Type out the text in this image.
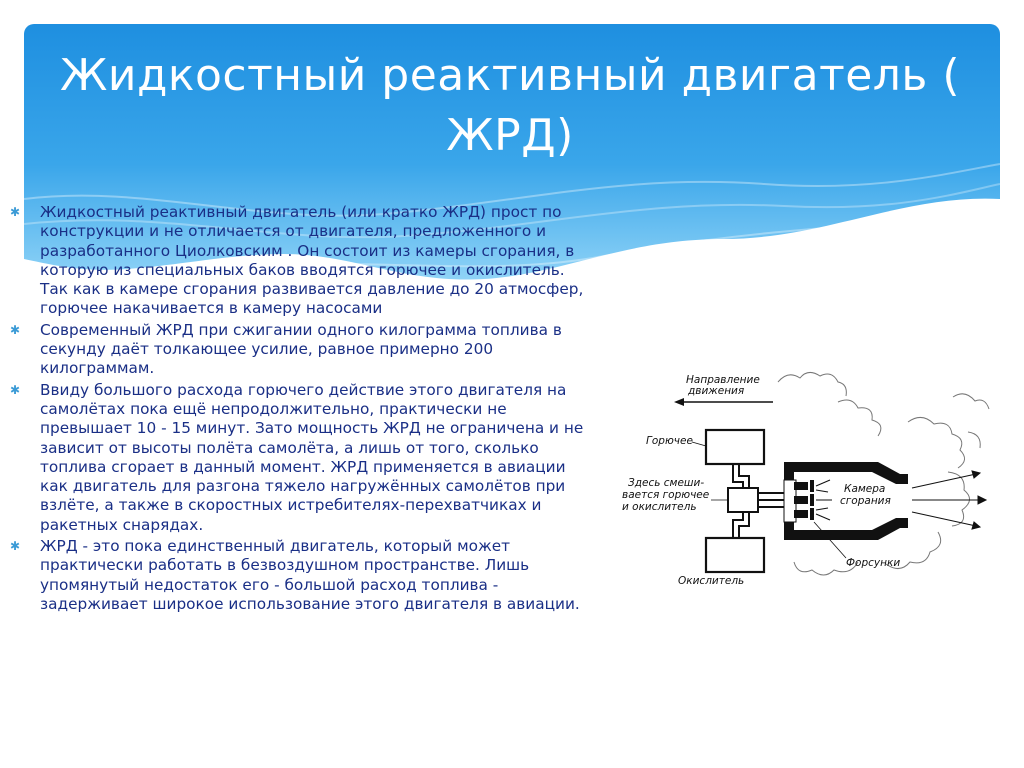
Жидкостный реактивный двигатель ( ЖРД)
✱ Жидкостный реактивный двигатель (или кратко ЖРД) прост по конструкции и не отличается от двигателя, предложенного и разработанного Циолковским . Он состоит из камеры сгорания, в которую из специальных баков вводятся горючее и окислитель. Так как в камере сгорания развивается давление до 20 атмосфер, горючее накачивается в камеру насосами
✱ Современный ЖРД при сжигании одного килограмма топлива в секунду даёт толкающее усилие, равное примерно 200 килограммам.
✱ Ввиду большого расхода горючего действие этого двигателя на самолётах пока ещё непродолжительно, практически не превышает 10 - 15 минут. Зато мощность ЖРД не ограничена и не зависит от высоты полёта самолёта, а лишь от того, сколько топлива сгорает в данный момент. ЖРД применяется в авиации как двигатель для разгона тяжело нагружённых самолётов при взлёте, а также в скоростных истребителях-перехватчиках и ракетных снарядах.
✱ ЖРД - это пока единственный двигатель, который может практически работать в безвоздушном пространстве. Лишь упомянутый недостаток его - большой расход топлива - задерживает широкое использование этого двигателя в авиации.
Направление
движения
Горючее
Окислитель
Здесь смеши-
вается горючее
и окислитель
Камера
сгорания
Форсунки
